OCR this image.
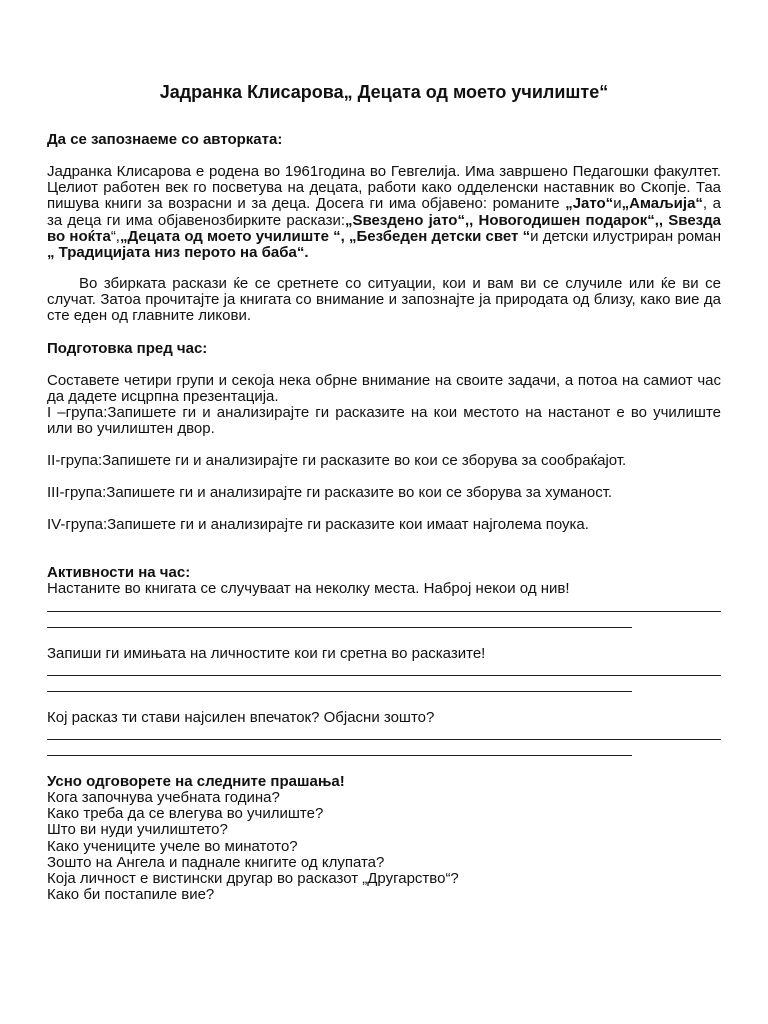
Јадранка Клисарова„ Децата од моето училиште“
Да се запознаеме со авторката:

Јадранка Клисарова е родена во 1961година во Гевгелија. Има завршено Педагошки факултет. Целиот работен век го посветува на децата, работи како одделенски наставник во Скопје. Таа пишува книги за возрасни и за деца. Досега ги има објавено: романите „Јато“и„Амаљија“, а за деца ги има објавенозбирките раскази:„Sвездено јато“,, Новогодишен подарок“,, Sвезда во ноќта“,„Децата од моето училиште “, „Безбеден детски свет “и детски илустриран роман „ Традицијата низ перото на баба“.

Во збирката раскази ќе се сретнете со ситуации, кои и вам ви се случиле или ќе ви се случат. Затоа прочитајте ја книгата со внимание и запознајте ја природата од близу, како вие да сте еден од главните ликови.

Подготовка пред час:

Составете четири групи и секоја нека обрне внимание на своите задачи, а потоа на самиот час да дадете исцрпна презентација.

I –група:Запишете ги и анализирајте ги расказите на кои местото на настанот е во училиште или во училиштен двор.

II-група:Запишете ги и анализирајте ги расказите во кои се зборува за сообраќајот.

III-група:Запишете ги и анализирајте ги расказите во кои се зборува за хуманост.

IV-група:Запишете ги и анализирајте ги расказите кои имаат најголема поука.

Активности на час:

Настаните во книгата се случуваат на неколку места. Наброј некои од нив!

Запиши ги имињата на личностите кои ги сретна во расказите!

Кој расказ ти стави најсилен впечаток? Објасни зошто?

Усно одговорете на следните прашања!
Кога започнува учебната година?
Како треба да се влегува во училиште?
Што ви нуди училиштето?
Како учениците учеле во минатото?
Зошто на Ангела и паднале книгите од клупата?
Која личност е вистински другар во расказот „Другарство“?
Како би постапиле вие?
